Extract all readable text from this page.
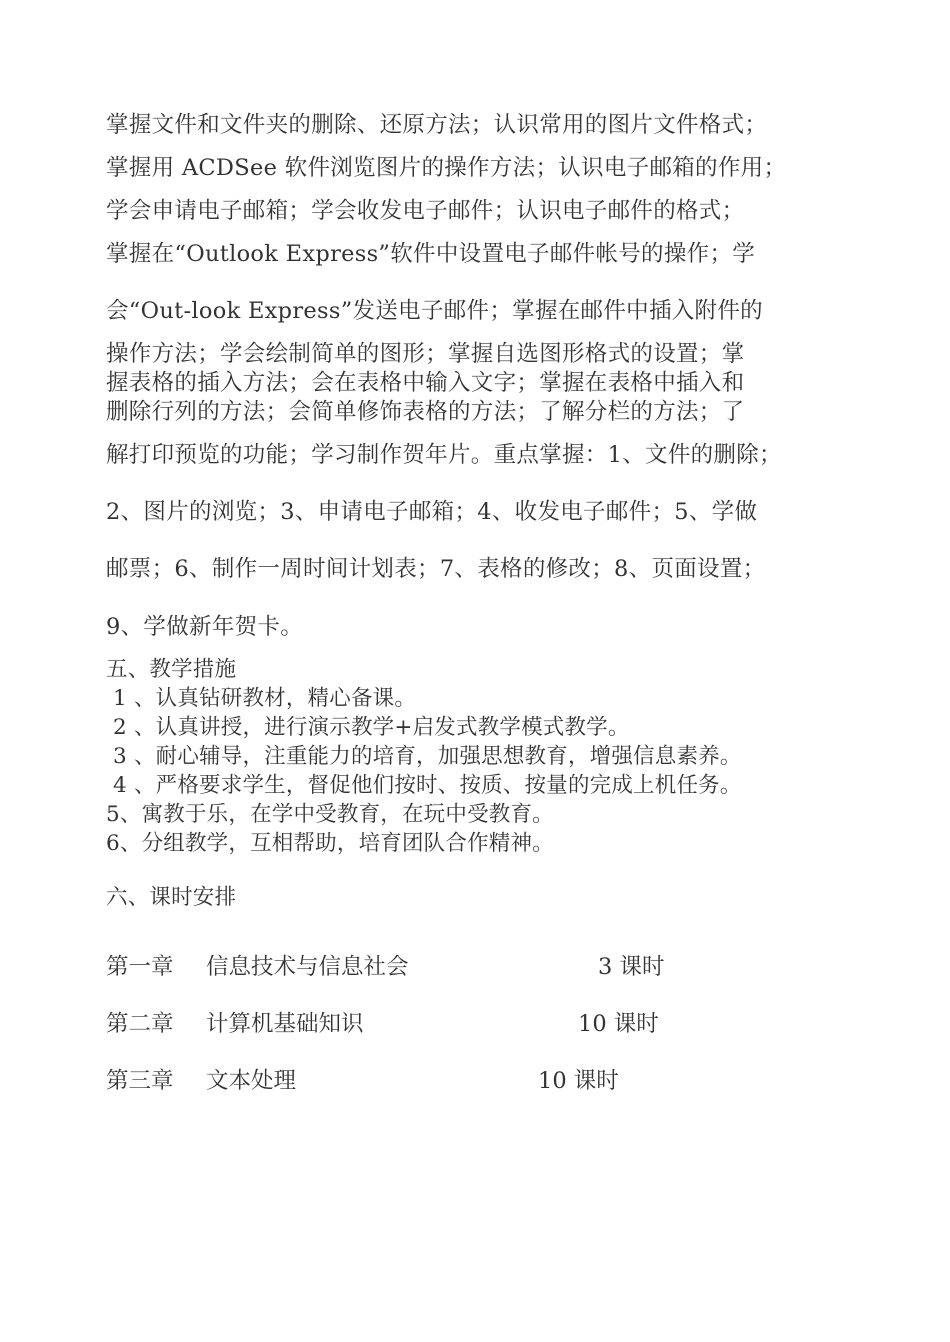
掌握文件和文件夹的删除、还原方法；认识常用的图片文件格式；
掌握用 ACDSee 软件浏览图片的操作方法；认识电子邮箱的作用；
学会申请电子邮箱；学会收发电子邮件；认识电子邮件的格式；
掌握在“Outlook Express”软件中设置电子邮件帐号的操作；学
会“Out-look Express”发送电子邮件；掌握在邮件中插入附件的
操作方法；学会绘制简单的图形；掌握自选图形格式的设置；掌
握表格的插入方法；会在表格中输入文字；掌握在表格中插入和
删除行列的方法；会简单修饰表格的方法；了解分栏的方法；了
解打印预览的功能；学习制作贺年片。重点掌握：1、文件的删除；
2、图片的浏览；3、申请电子邮箱；4、收发电子邮件；5、学做
邮票；6、制作一周时间计划表；7、表格的修改；8、页面设置；
9、学做新年贺卡。
五、教学措施
1 、认真钻研教材，精心备课。
2 、认真讲授，进行演示教学+启发式教学模式教学。
3 、耐心辅导，注重能力的培育，加强思想教育，增强信息素养。
4 、严格要求学生，督促他们按时、按质、按量的完成上机任务。
5、寓教于乐，在学中受教育，在玩中受教育。
6、分组教学，互相帮助，培育团队合作精神。
六、课时安排
第一章 信息技术与信息社会	3 课时
第二章 计算机基础知识	10 课时
第三章 文本处理	10 课时
